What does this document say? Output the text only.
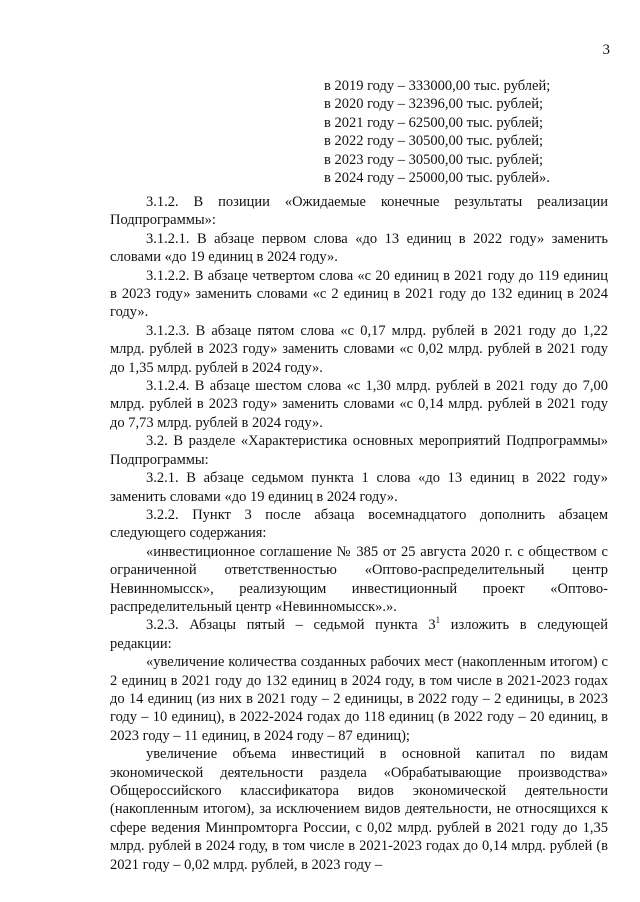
3
в 2019 году – 333000,00 тыс. рублей;
в 2020 году – 32396,00 тыс. рублей;
в 2021 году – 62500,00 тыс. рублей;
в 2022 году – 30500,00 тыс. рублей;
в 2023 году – 30500,00 тыс. рублей;
в 2024 году – 25000,00 тыс. рублей».

3.1.2. В позиции «Ожидаемые конечные результаты реализации Подпрограммы»:

3.1.2.1. В абзаце первом слова «до 13 единиц в 2022 году» заменить словами «до 19 единиц в 2024 году».

3.1.2.2. В абзаце четвертом слова «с 20 единиц в 2021 году до 119 единиц в 2023 году» заменить словами «с 2 единиц в 2021 году до 132 единиц в 2024 году».

3.1.2.3. В абзаце пятом слова «с 0,17 млрд. рублей в 2021 году до 1,22 млрд. рублей в 2023 году» заменить словами «с 0,02 млрд. рублей в 2021 году до 1,35 млрд. рублей в 2024 году».

3.1.2.4. В абзаце шестом слова «с 1,30 млрд. рублей в 2021 году до 7,00 млрд. рублей в 2023 году» заменить словами «с 0,14 млрд. рублей в 2021 году до 7,73 млрд. рублей в 2024 году».

3.2. В разделе «Характеристика основных мероприятий Подпрограммы» Подпрограммы:

3.2.1. В абзаце седьмом пункта 1 слова «до 13 единиц в 2022 году» заменить словами «до 19 единиц в 2024 году».

3.2.2. Пункт 3 после абзаца восемнадцатого дополнить абзацем следующего содержания:

«инвестиционное соглашение № 385 от 25 августа 2020 г. с обществом с ограниченной ответственностью «Оптово-распределительный центр Невинномысск», реализующим инвестиционный проект «Оптово-распределительный центр «Невинномысск».».

3.2.3. Абзацы пятый – седьмой пункта $3^1$ изложить в следующей редакции:

«увеличение количества созданных рабочих мест (накопленным итогом) с 2 единиц в 2021 году до 132 единиц в 2024 году, в том числе в 2021-2023 годах до 14 единиц (из них в 2021 году – 2 единицы, в 2022 году – 2 единицы, в 2023 году – 10 единиц), в 2022-2024 годах до 118 единиц (в 2022 году – 20 единиц, в 2023 году – 11 единиц, в 2024 году – 87 единиц);

увеличение объема инвестиций в основной капитал по видам экономической деятельности раздела «Обрабатывающие производства» Общероссийского классификатора видов экономической деятельности (накопленным итогом), за исключением видов деятельности, не относящихся к сфере ведения Минпромторга России, с 0,02 млрд. рублей в 2021 году до 1,35 млрд. рублей в 2024 году, в том числе в 2021-2023 годах до 0,14 млрд. рублей (в 2021 году – 0,02 млрд. рублей, в 2023 году –
